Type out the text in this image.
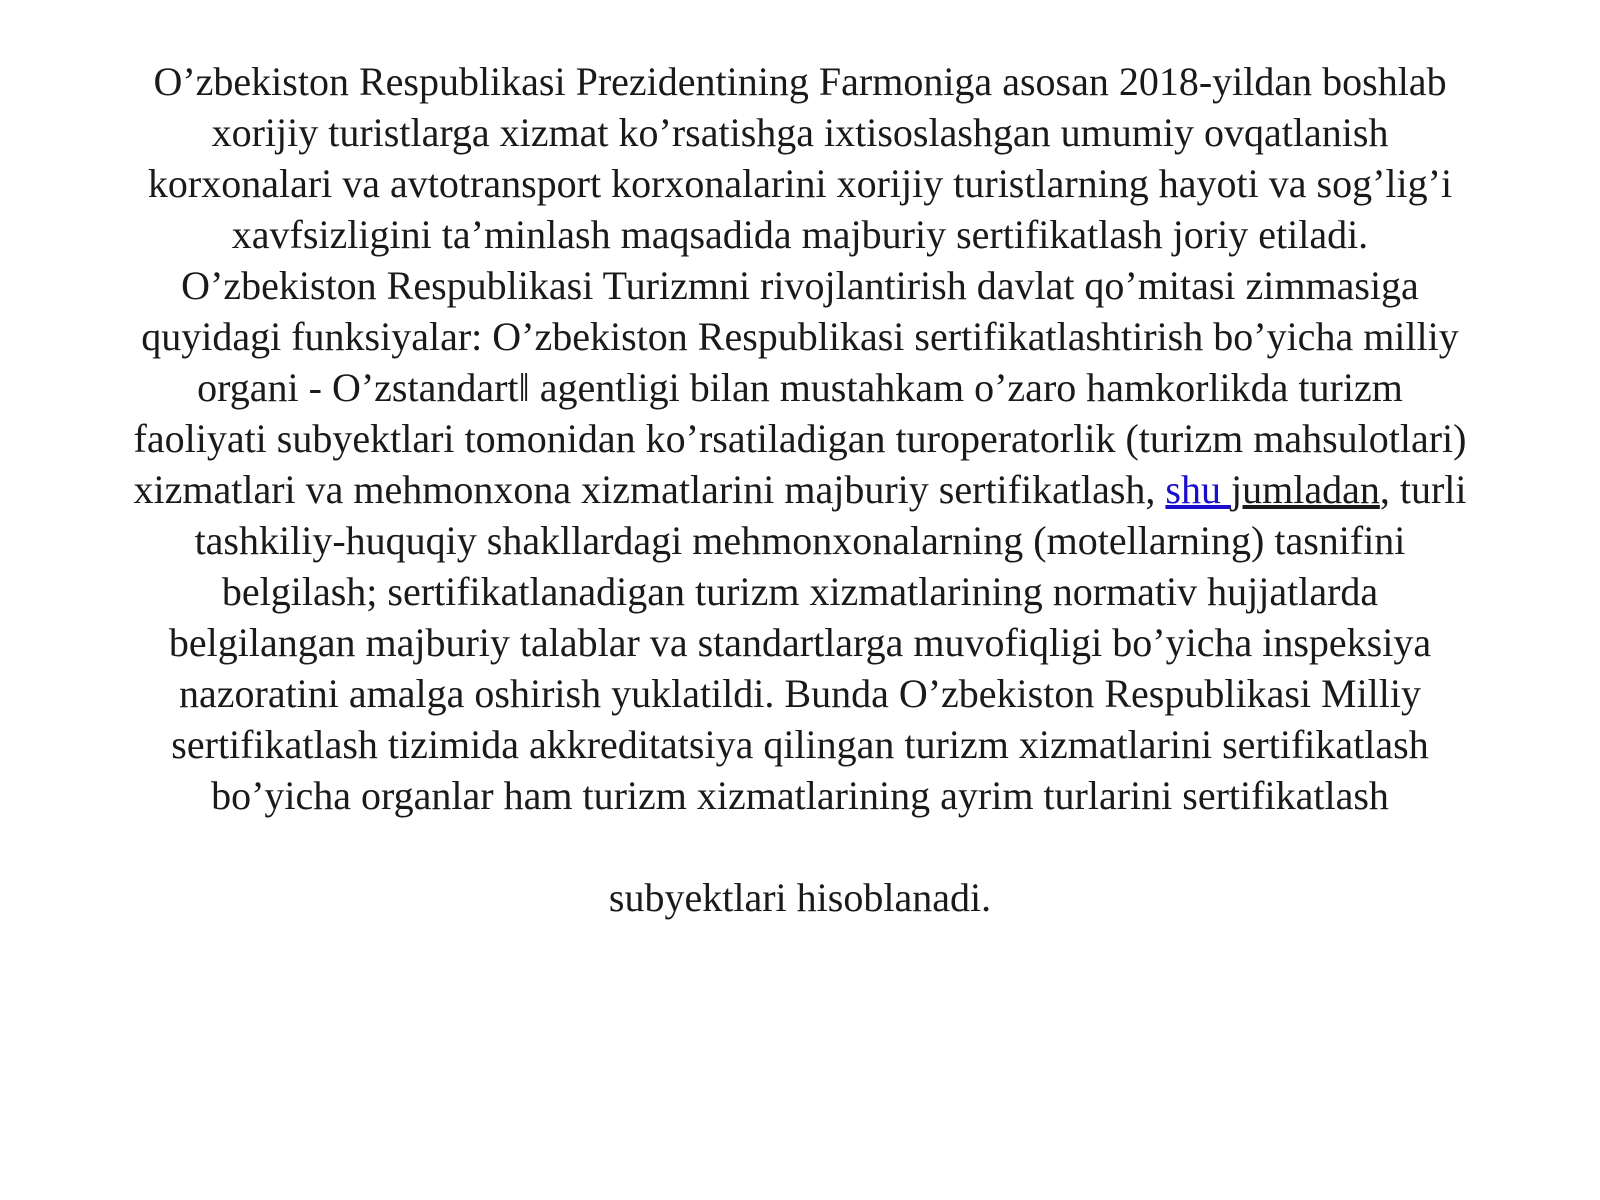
O’zbekiston Respublikasi Prezidentining Farmoniga asosan 2018-yildan boshlab
xorijiy turistlarga xizmat ko’rsatishga ixtisoslashgan umumiy ovqatlanish
korxonalari va avtotransport korxonalarini xorijiy turistlarning hayoti va sog’lig’i
xavfsizligini ta’minlash maqsadida majburiy sertifikatlash joriy etiladi.
O’zbekiston Respublikasi Turizmni rivojlantirish davlat qo’mitasi zimmasiga
quyidagi funksiyalar: O’zbekiston Respublikasi sertifikatlashtirish bo’yicha milliy
organi - O’zstandart‖ agentligi bilan mustahkam o’zaro hamkorlikda turizm
faoliyati subyektlari tomonidan ko’rsatiladigan turoperatorlik (turizm mahsulotlari)
xizmatlari va mehmonxona xizmatlarini majburiy sertifikatlash, shu jumladan, turli
tashkiliy-huquqiy shakllardagi mehmonxonalarning (motellarning) tasnifini
belgilash; sertifikatlanadigan turizm xizmatlarining normativ hujjatlarda
belgilangan majburiy talablar va standartlarga muvofiqligi bo’yicha inspeksiya
nazoratini amalga oshirish yuklatildi. Bunda O’zbekiston Respublikasi Milliy
sertifikatlash tizimida akkreditatsiya qilingan turizm xizmatlarini sertifikatlash
bo’yicha organlar ham turizm xizmatlarining ayrim turlarini sertifikatlash
subyektlari hisoblanadi.
